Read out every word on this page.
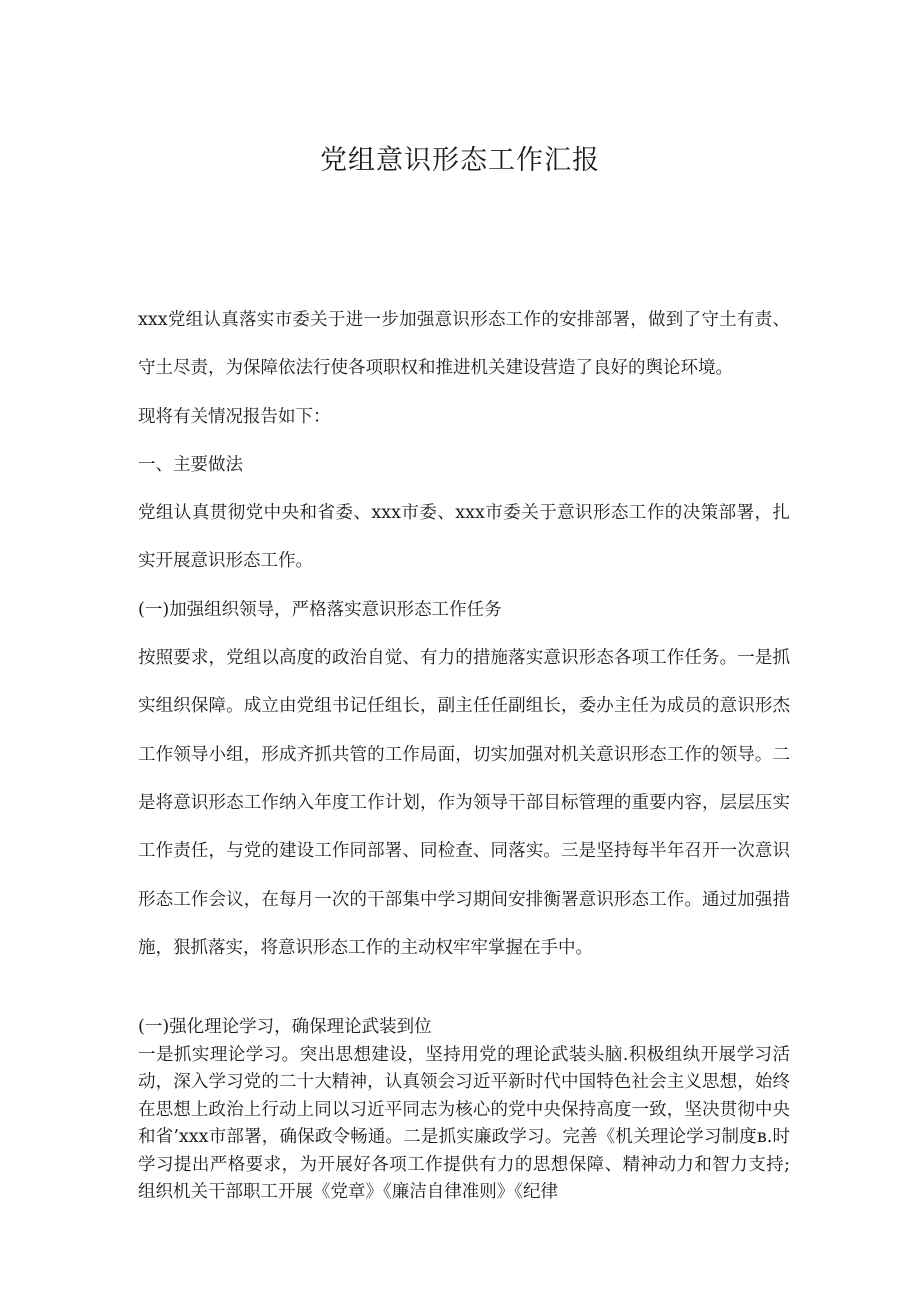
党组意识形态工作汇报

xxx党组认真落实市委关于进一步加强意识形态工作的安排部署，做到了守土有责、守土尽责，为保障依法行使各项职权和推进机关建设营造了良好的舆论环境。

现将有关情况报告如下：

一、主要做法

党组认真贯彻党中央和省委、xxx市委、xxx市委关于意识形态工作的决策部署，扎实开展意识形态工作。

(一)加强组织领导，严格落实意识形态工作任务

按照要求，党组以高度的政治自觉、有力的措施落实意识形态各项工作任务。一是抓实组织保障。成立由党组书记任组长，副主任任副组长，委办主任为成员的意识形杰工作领导小组，形成齐抓共管的工作局面，切实加强对机关意识形态工作的领导。二是将意识形态工作纳入年度工作计划，作为领导干部目标管理的重要内容，层层压实工作责任，与党的建设工作同部署、同检查、同落实。三是坚持每半年召开一次意识形态工作会议，在每月一次的干部集中学习期间安排衡署意识形态工作。通过加强措施，狠抓落实，将意识形态工作的主动权牢牢掌握在手中。

(一)强化理论学习，确保理论武装到位

一是抓实理论学习。突出思想建设，坚持用党的理论武装头脑.积极组纨开展学习活动，深入学习党的二十大精神，认真领会习近平新时代中国特色社会主义思想，始终在思想上政治上行动上同以习近平同志为核心的党中央保持高度一致，坚决贯彻中央和省’xxx市部署，确保政令畅通。二是抓实廉政学习。完善《机关理论学习制度в.时学习提出严格要求，为开展好各项工作提供有力的思想保障、精神动力和智力支持;组织机关干部职工开展《党章》《廉洁自律准则》《纪律
